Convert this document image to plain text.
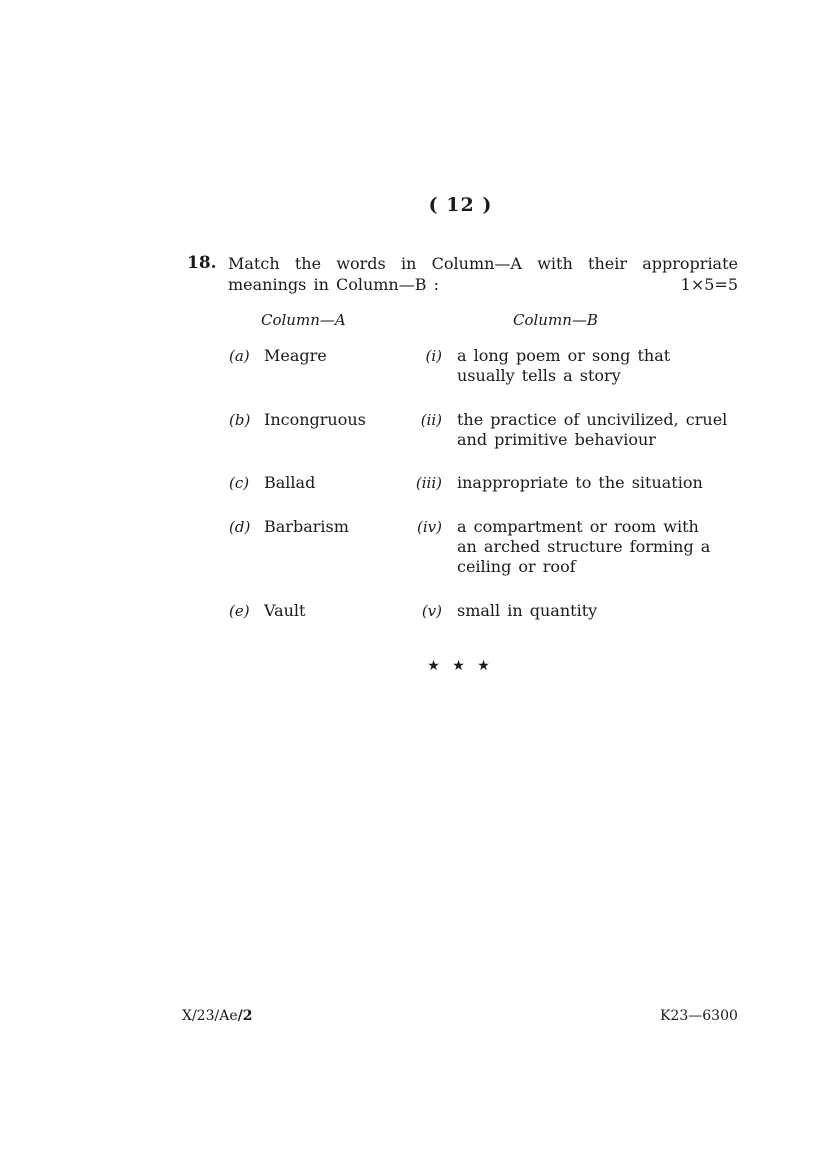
( 12 )
18. Match the words in Column—A with their appropriate
meanings in Column—B :	1×5=5
Column—A	Column—B
(a) Meagre	(i) a long poem or song that
usually tells a story
(b) Incongruous	(ii) the practice of uncivilized, cruel
and primitive behaviour
(c) Ballad	(iii) inappropriate to the situation
(d) Barbarism	(iv) a compartment or room with
an arched structure forming a
ceiling or roof
(e) Vault	(v) small in quantity
★ ★ ★
X/23/Ae/2	K23—6300
